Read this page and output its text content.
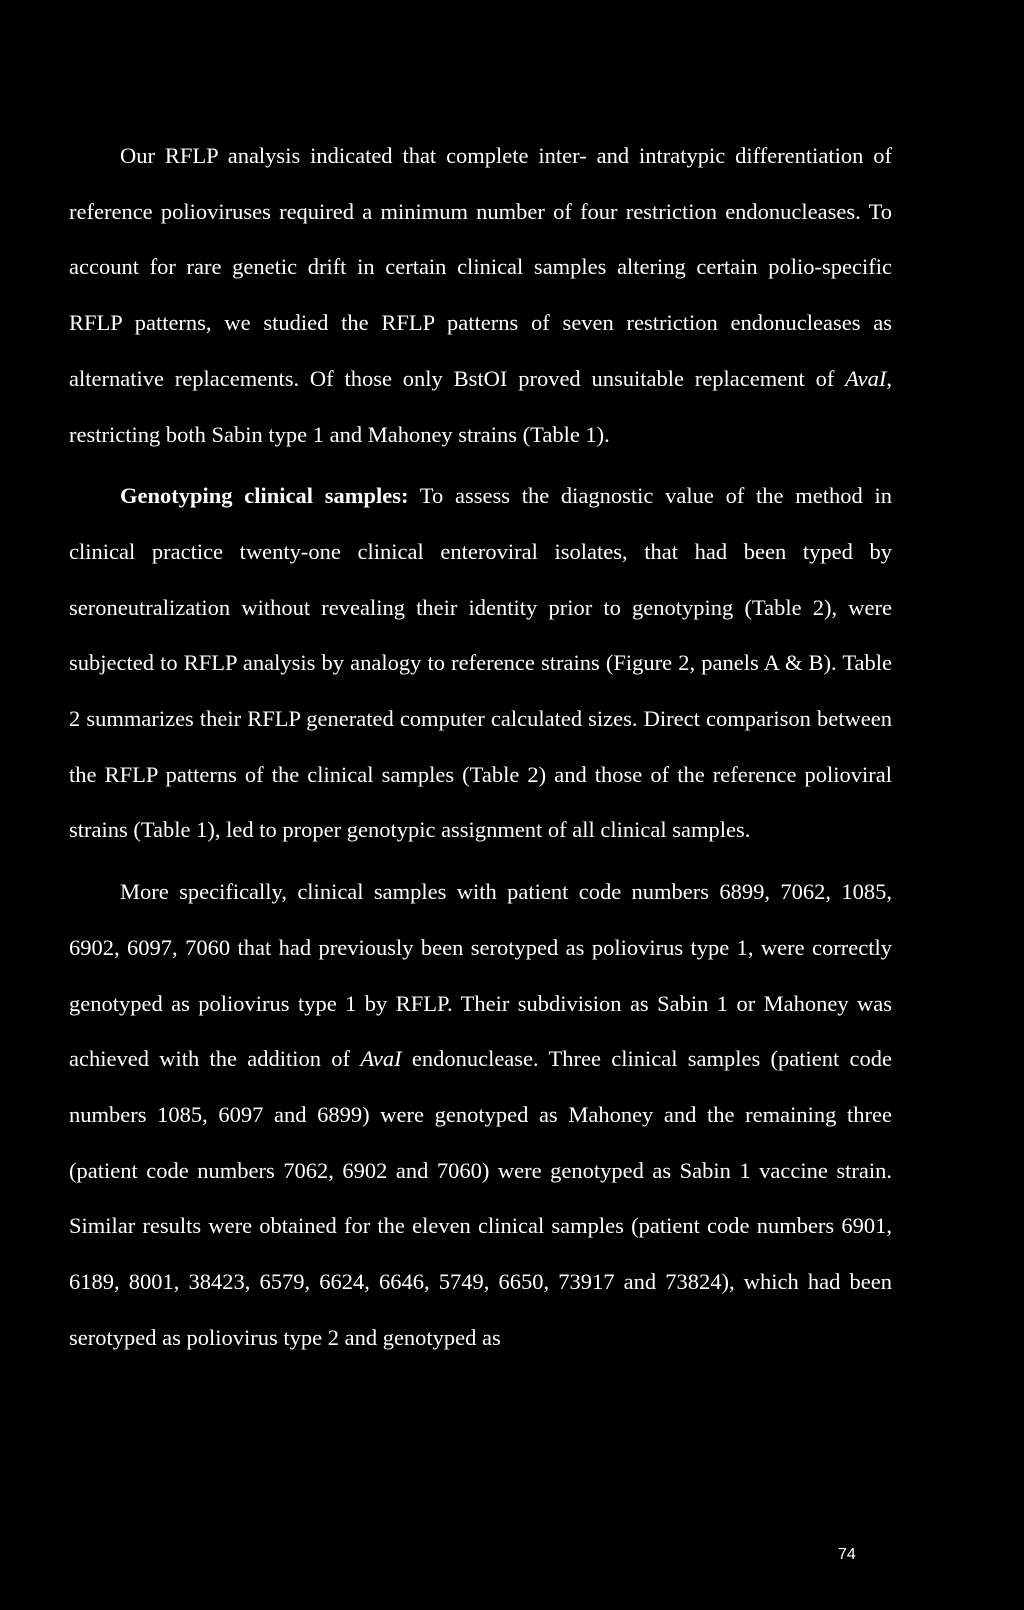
Our RFLP analysis indicated that complete inter- and intratypic differentiation of reference polioviruses required a minimum number of four restriction endonucleases. To account for rare genetic drift in certain clinical samples altering certain polio-specific RFLP patterns, we studied the RFLP patterns of seven restriction endonucleases as alternative replacements. Of those only BstOI proved unsuitable replacement of AvaI, restricting both Sabin type 1 and Mahoney strains (Table 1).

Genotyping clinical samples: To assess the diagnostic value of the method in clinical practice twenty-one clinical enteroviral isolates, that had been typed by seroneutralization without revealing their identity prior to genotyping (Table 2), were subjected to RFLP analysis by analogy to reference strains (Figure 2, panels A & B). Table 2 summarizes their RFLP generated computer calculated sizes. Direct comparison between the RFLP patterns of the clinical samples (Table 2) and those of the reference polioviral strains (Table 1), led to proper genotypic assignment of all clinical samples.

More specifically, clinical samples with patient code numbers 6899, 7062, 1085, 6902, 6097, 7060 that had previously been serotyped as poliovirus type 1, were correctly genotyped as poliovirus type 1 by RFLP. Their subdivision as Sabin 1 or Mahoney was achieved with the addition of AvaI endonuclease. Three clinical samples (patient code numbers 1085, 6097 and 6899) were genotyped as Mahoney and the remaining three (patient code numbers 7062, 6902 and 7060) were genotyped as Sabin 1 vaccine strain. Similar results were obtained for the eleven clinical samples (patient code numbers 6901, 6189, 8001, 38423, 6579, 6624, 6646, 5749, 6650, 73917 and 73824), which had been serotyped as poliovirus type 2 and genotyped as

74
